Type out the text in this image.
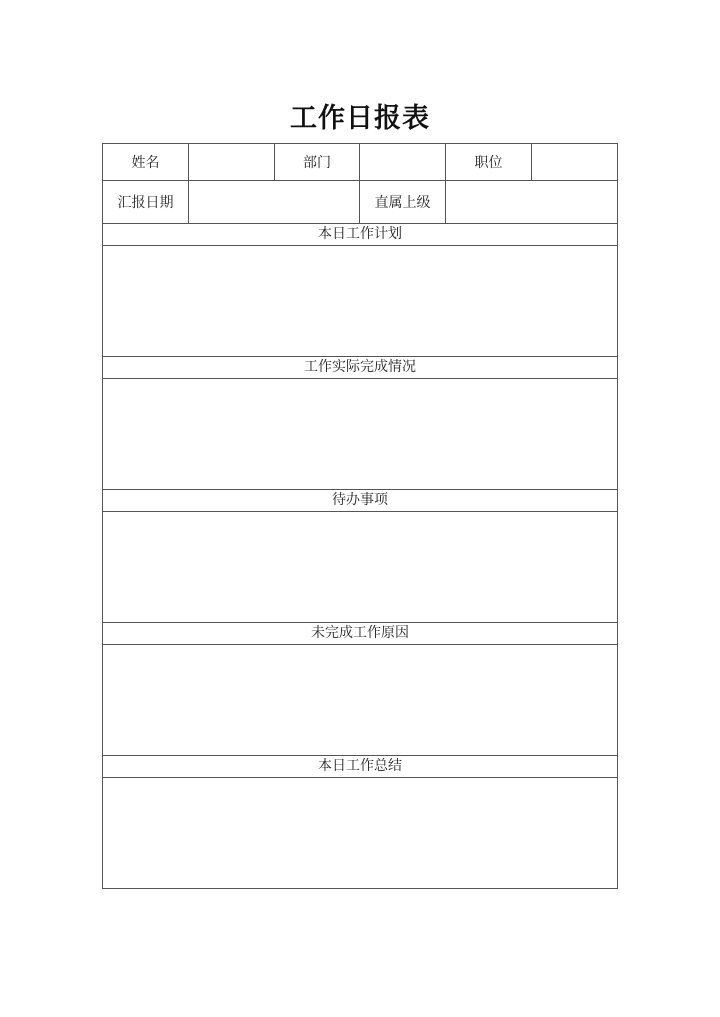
工作日报表
姓名		部门		职位	
汇报日期			直属上级		
本日工作计划					

工作实际完成情况					

待办事项					

未完成工作原因					

本日工作总结					
